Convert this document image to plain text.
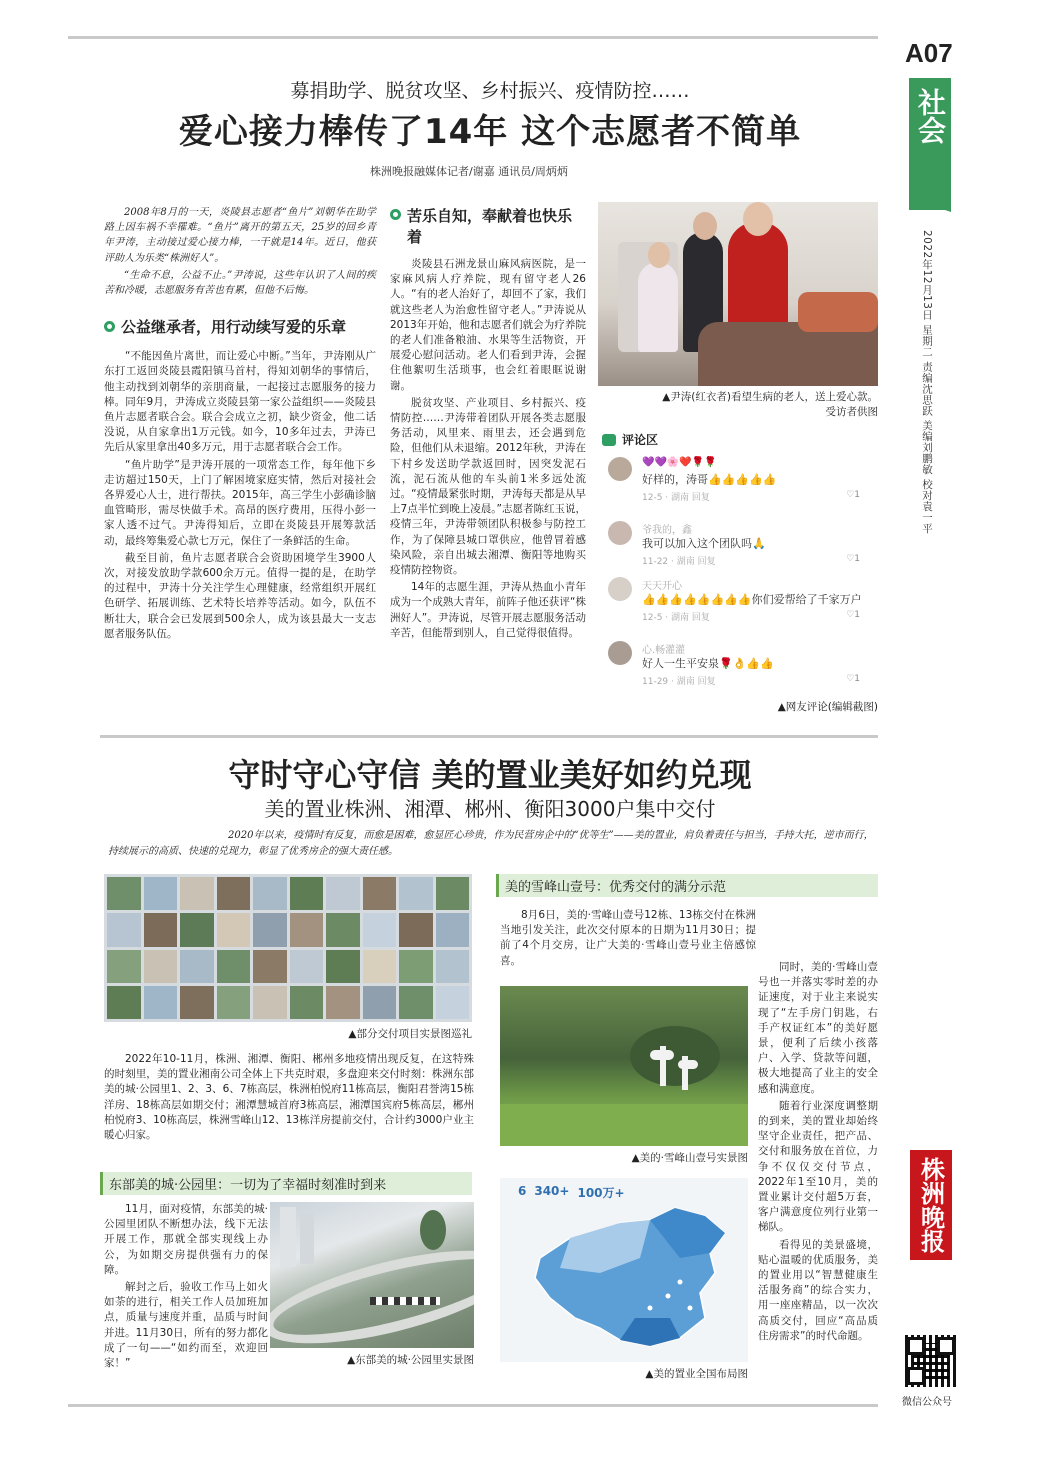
A07
社会
2022年12月13日 星期二 责编沈思跃 美编刘鹏敏 校对袁一平
株洲晚报
微信公众号
募捐助学、脱贫攻坚、乡村振兴、疫情防控……
爱心接力棒传了14年 这个志愿者不简单
株洲晚报融媒体记者/谢嘉 通讯员/周炳炳

2008年8月的一天，炎陵县志愿者“鱼片”刘朝华在助学路上因车祸不幸罹难。“鱼片”离开的第五天，25岁的回乡青年尹涛，主动接过爱心接力棒，一干就是14年。近日，他获评助人为乐类“株洲好人”。

“生命不息，公益不止。”尹涛说，这些年认识了人间的疾苦和冷暖，志愿服务有苦也有累，但他不后悔。

公益继承者，用行动续写爱的乐章

“不能因鱼片离世，而让爱心中断。”当年，尹涛刚从广东打工返回炎陵县霞阳镇马首村，得知刘朝华的事情后，他主动找到刘朝华的亲朋商量，一起接过志愿服务的接力棒。同年9月，尹涛成立炎陵县第一家公益组织——炎陵县鱼片志愿者联合会。联合会成立之初，缺少资金，他二话没说，从自家拿出1万元钱。如今，10多年过去，尹涛已先后从家里拿出40多万元，用于志愿者联合会工作。

“鱼片助学”是尹涛开展的一项常态工作，每年他下乡走访超过150天，上门了解困境家庭实情，然后对接社会各界爱心人士，进行帮扶。2015年，高三学生小彭确诊脑血管畸形，需尽快做手术。高昂的医疗费用，压得小彭一家人透不过气。尹涛得知后，立即在炎陵县开展筹款活动，最终筹集爱心款七万元，保住了一条鲜活的生命。

截至目前，鱼片志愿者联合会资助困境学生3900人次，对接发放助学款600余万元。值得一提的是，在助学的过程中，尹涛十分关注学生心理健康，经常组织开展红色研学、拓展训练、艺术特长培养等活动。如今，队伍不断壮大，联合会已发展到500余人，成为该县最大一支志愿者服务队伍。

苦乐自知，奉献着也快乐着

炎陵县石洲龙景山麻风病医院，是一家麻风病人疗养院，现有留守老人26人。“有的老人治好了，却回不了家，我们就这些老人为治愈性留守老人。”尹涛说从2013年开始，他和志愿者们就会为疗养院的老人们准备粮油、水果等生活物资，开展爱心慰问活动。老人们看到尹涛，会握住他絮叨生活琐事，也会红着眼眶说谢谢。

脱贫攻坚、产业项目、乡村振兴、疫情防控……尹涛带着团队开展各类志愿服务活动，风里来、雨里去，还会遇到危险，但他们从未退缩。2012年秋，尹涛在下村乡发送助学款返回时，因突发泥石流，泥石流从他的车头前1米多远处流过。“疫情最紧张时期，尹涛每天都是从早上7点半忙到晚上凌晨。”志愿者陈红玉说，疫情三年，尹涛带领团队积极参与防控工作，为了保障县城口罩供应，他曾冒着感染风险，亲自出城去湘潭、衡阳等地购买疫情防控物资。

14年的志愿生涯，尹涛从热血小青年成为一个成熟大青年，前阵子他还获评“株洲好人”。尹涛说，尽管开展志愿服务活动辛苦，但能帮到别人，自己觉得很值得。

▲尹涛(红衣者)看望生病的老人，送上爱心款。
受访者供图
评论区
💜💜🌸❤️🌹🌹
好样的，涛哥👍👍👍👍👍
12-5 · 湖南 回复	♡1
爷我的，鑫
我可以加入这个团队吗🙏
11-22 · 湖南 回复	♡1
天天开心
👍👍👍👍👍👍👍👍你们爱帮给了千家万户
12-5 · 湖南 回复	♡1
心.畅灌灌
好人一生平安泉🌹👌👍👍
11-29 · 湖南 回复	♡1
▲网友评论(编辑截图)
守时守心守信 美的置业美好如约兑现
美的置业株洲、湘潭、郴州、衡阳3000户集中交付
2020年以来，疫情时有反复，而愈是困难，愈显匠心珍贵，作为民营房企中的“优等生”——美的置业，肩负着责任与担当，手持大托，逆市而行，持续展示的高质、快速的兑现力，彰显了优秀房企的强大责任感。
▲部分交付项目实景图巡礼

2022年10-11月，株洲、湘潭、衡阳、郴州多地疫情出现反复，在这特殊的时刻里，美的置业湘南公司全体上下共克时艰，多盘迎来交付时刻：株洲东部美的城·公园里1、2、3、6、7栋高层，株洲柏悦府11栋高层，衡阳君誉湾15栋洋房、18栋高层如期交付；湘潭慧城首府3栋高层，湘潭国宾府5栋高层，郴州柏悦府3、10栋高层，株洲雪峰山12、13栋洋房提前交付，合计约3000户业主暖心归家。

东部美的城·公园里：一切为了幸福时刻准时到来

11月，面对疫情，东部美的城·公园里团队不断想办法，线下无法开展工作，那就全部实现线上办公，为如期交房提供强有力的保障。

解封之后，验收工作马上如火如荼的进行，相关工作人员加班加点，质量与速度并重，品质与时间并进。11月30日，所有的努力都化成了一句——“如约而至，欢迎回家！”	▲东部美的城·公园里实景图
美的雪峰山壹号：优秀交付的满分示范

8月6日，美的·雪峰山壹号12栋、13栋交付在株洲当地引发关注，此次交付原本的日期为11月30日；提前了4个月交房，让广大美的·雪峰山壹号业主倍感惊喜。

▲美的·雪峰山壹号实景图
6 340+ 100万+
▲美的置业全国布局图

同时，美的·雪峰山壹号也一并落实零时差的办证速度，对于业主来说实现了“左手房门钥匙，右手产权证红本”的美好愿景，便利了后续小孩落户、入学、贷款等问题，极大地提高了业主的安全感和满意度。

随着行业深度调整期的到来，美的置业却始终坚守企业责任，把产品、交付和服务放在首位，力争不仅仅交付节点，2022年1至10月，美的置业累计交付超5万套，客户满意度位列行业第一梯队。

看得见的美景盛境，贴心温暖的优质服务，美的置业用以“智慧健康生活服务商”的综合实力，用一座座精品，以一次次高质交付，回应“高品质住房需求”的时代命题。
